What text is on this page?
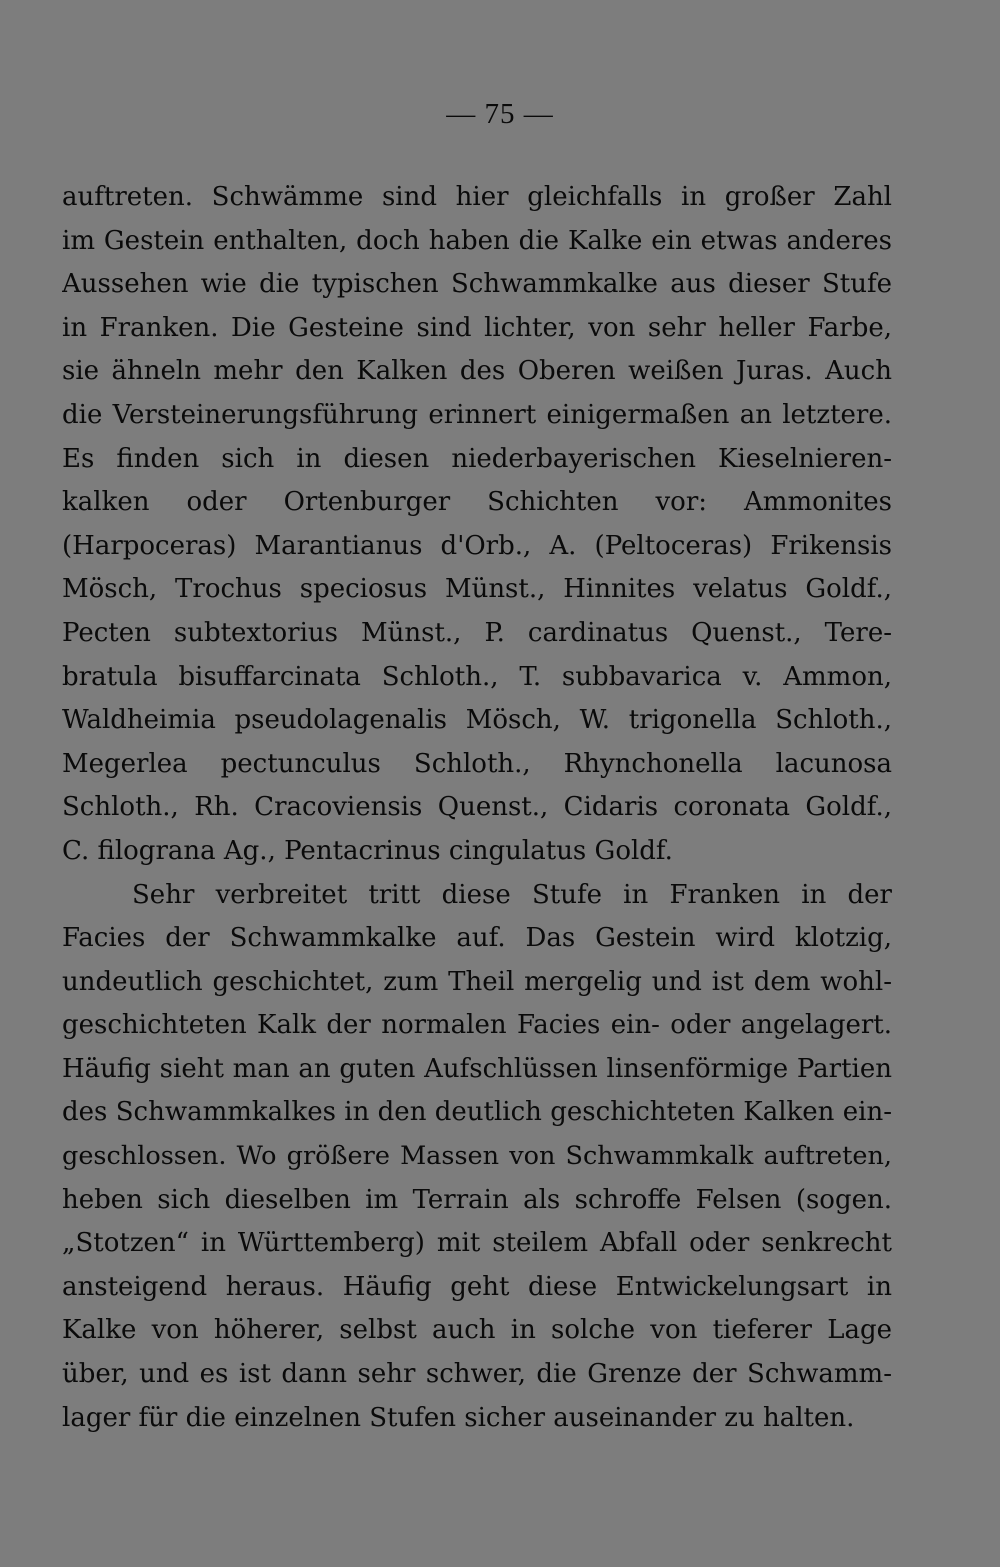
— 75 —
auftreten. Schwämme sind hier gleichfalls in großer Zahl
im Gestein enthalten, doch haben die Kalke ein etwas anderes
Aussehen wie die typischen Schwammkalke aus dieser Stufe
in Franken. Die Gesteine sind lichter, von sehr heller Farbe,
sie ähneln mehr den Kalken des Oberen weißen Juras. Auch
die Versteinerungsführung erinnert einigermaßen an letztere.
Es finden sich in diesen niederbayerischen Kieselnieren-
kalken oder Ortenburger Schichten vor: Ammonites
(Harpoceras) Marantianus d'Orb., A. (Peltoceras) Frikensis
Mösch, Trochus speciosus Münst., Hinnites velatus Goldf.,
Pecten subtextorius Münst., P. cardinatus Quenst., Tere-
bratula bisuffarcinata Schloth., T. subbavarica v. Ammon,
Waldheimia pseudolagenalis Mösch, W. trigonella Schloth.,
Megerlea pectunculus Schloth., Rhynchonella lacunosa
Schloth., Rh. Cracoviensis Quenst., Cidaris coronata Goldf.,
C. filograna Ag., Pentacrinus cingulatus Goldf.
Sehr verbreitet tritt diese Stufe in Franken in der
Facies der Schwammkalke auf. Das Gestein wird klotzig,
undeutlich geschichtet, zum Theil mergelig und ist dem wohl-
geschichteten Kalk der normalen Facies ein- oder angelagert.
Häufig sieht man an guten Aufschlüssen linsenförmige Partien
des Schwammkalkes in den deutlich geschichteten Kalken ein-
geschlossen. Wo größere Massen von Schwammkalk auftreten,
heben sich dieselben im Terrain als schroffe Felsen (sogen.
„Stotzen“ in Württemberg) mit steilem Abfall oder senkrecht
ansteigend heraus. Häufig geht diese Entwickelungsart in
Kalke von höherer, selbst auch in solche von tieferer Lage
über, und es ist dann sehr schwer, die Grenze der Schwamm-
lager für die einzelnen Stufen sicher auseinander zu halten.
